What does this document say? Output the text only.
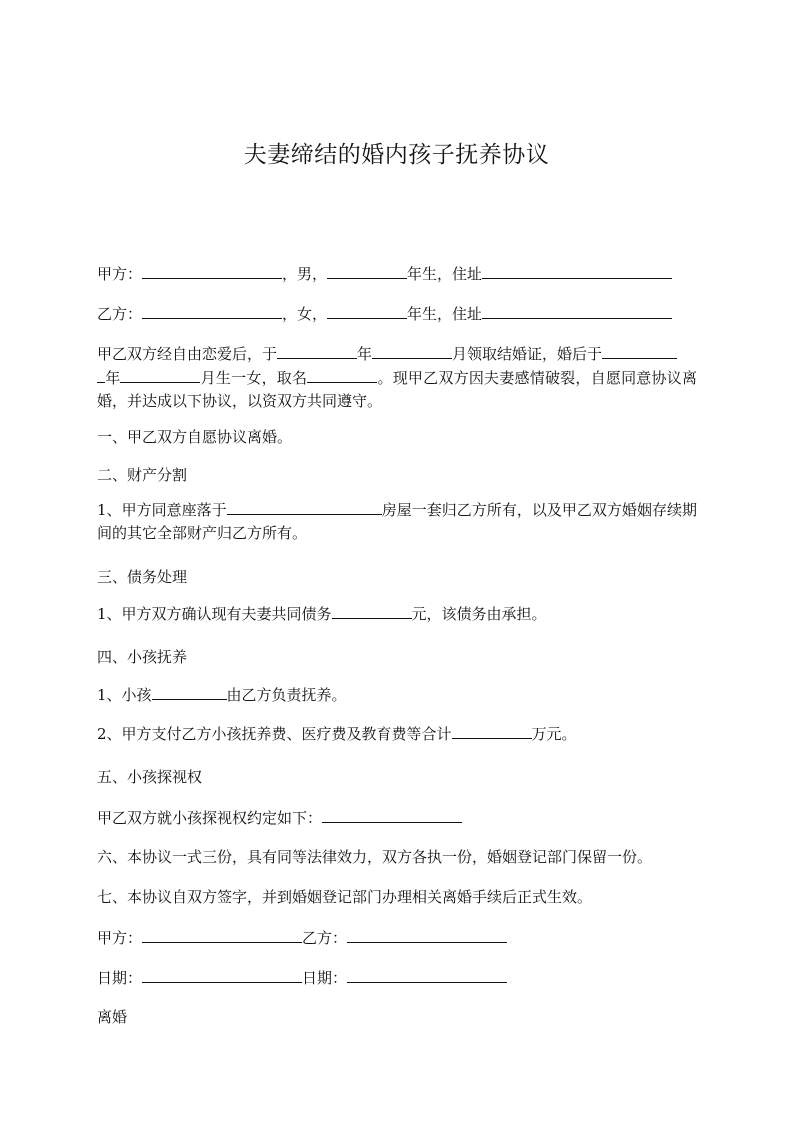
夫妻缔结的婚内孩子抚养协议
甲方：	，男，	年生，住址
乙方：	，女，	年生，住址
甲乙双方经自由恋爱后，于	年	月领取结婚证，婚后于
年	月生一女，取名	。现甲乙双方因夫妻感情破裂，自愿同意协议离婚，并达成以下协议，以资双方共同遵守。
一、甲乙双方自愿协议离婚。
二、财产分割
1、甲方同意座落于	房屋一套归乙方所有，以及甲乙双方婚姻存续期间的其它全部财产归乙方所有。
三、债务处理
1、甲方双方确认现有夫妻共同债务	元，该债务由承担。
四、小孩抚养
1、小孩	由乙方负责抚养。
2、甲方支付乙方小孩抚养费、医疗费及教育费等合计	万元。
五、小孩探视权
甲乙双方就小孩探视权约定如下：
六、本协议一式三份，具有同等法律效力，双方各执一份，婚姻登记部门保留一份。
七、本协议自双方签字，并到婚姻登记部门办理相关离婚手续后正式生效。
甲方：	乙方：
日期：	日期：
离婚
